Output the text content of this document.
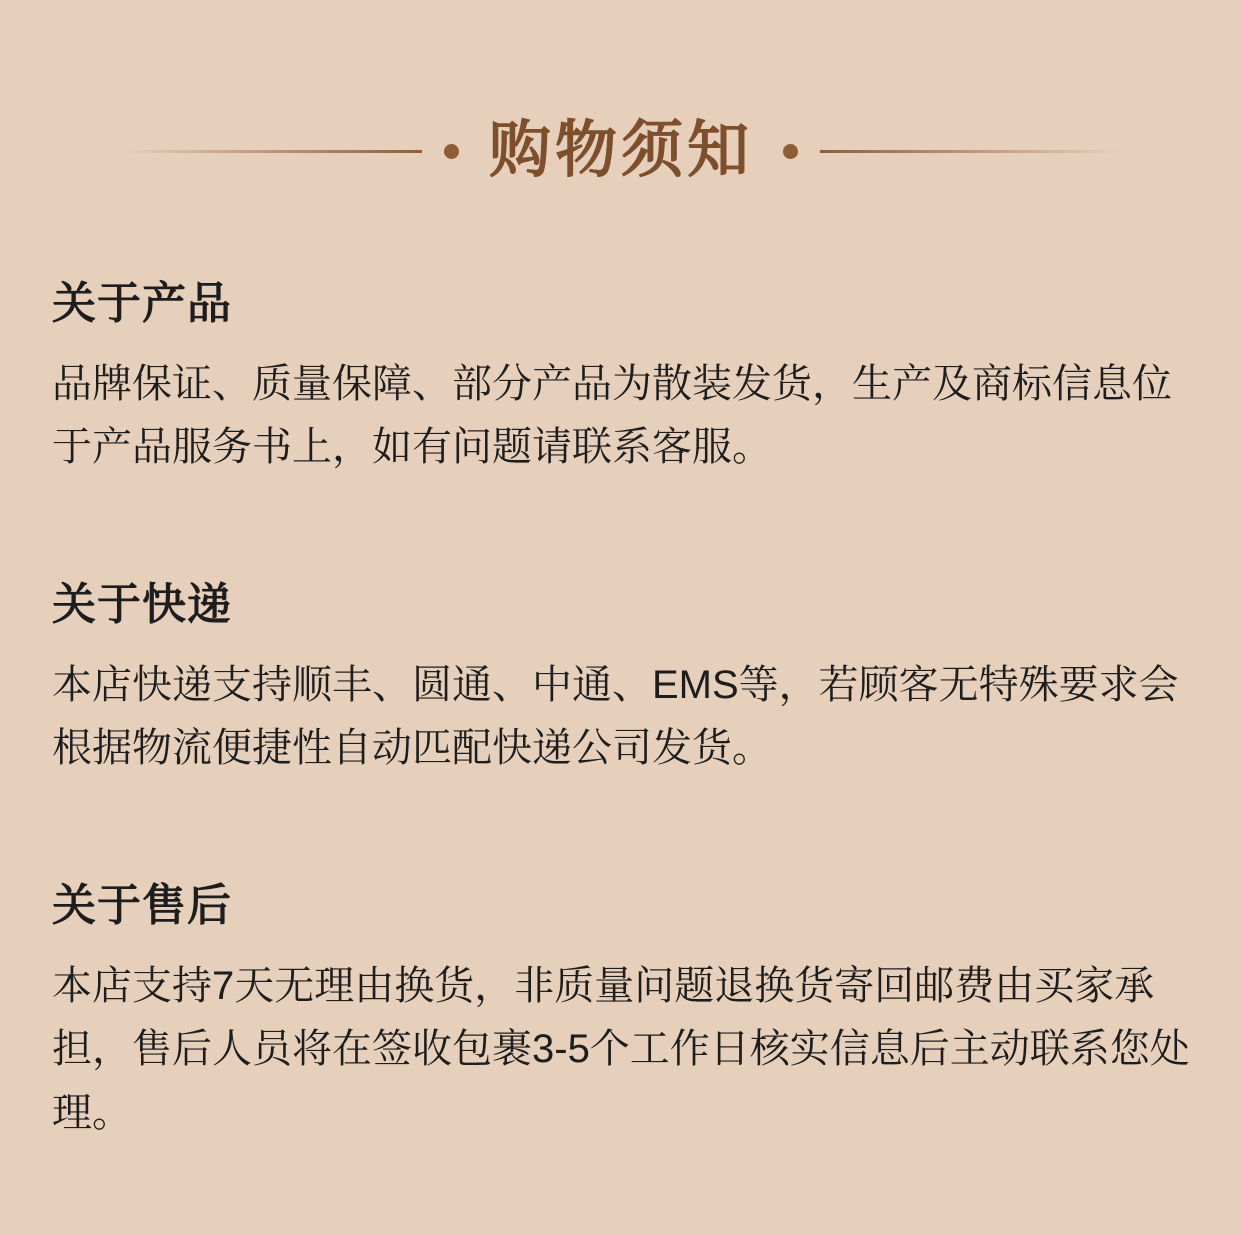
购物须知
关于产品

品牌保证、质量保障、部分产品为散装发货，生产及商标信息位于产品服务书上，如有问题请联系客服。

关于快递

本店快递支持顺丰、圆通、中通、EMS等，若顾客无特殊要求会根据物流便捷性自动匹配快递公司发货。

关于售后

本店支持7天无理由换货，非质量问题退换货寄回邮费由买家承担，售后人员将在签收包裹3-5个工作日核实信息后主动联系您处理。
